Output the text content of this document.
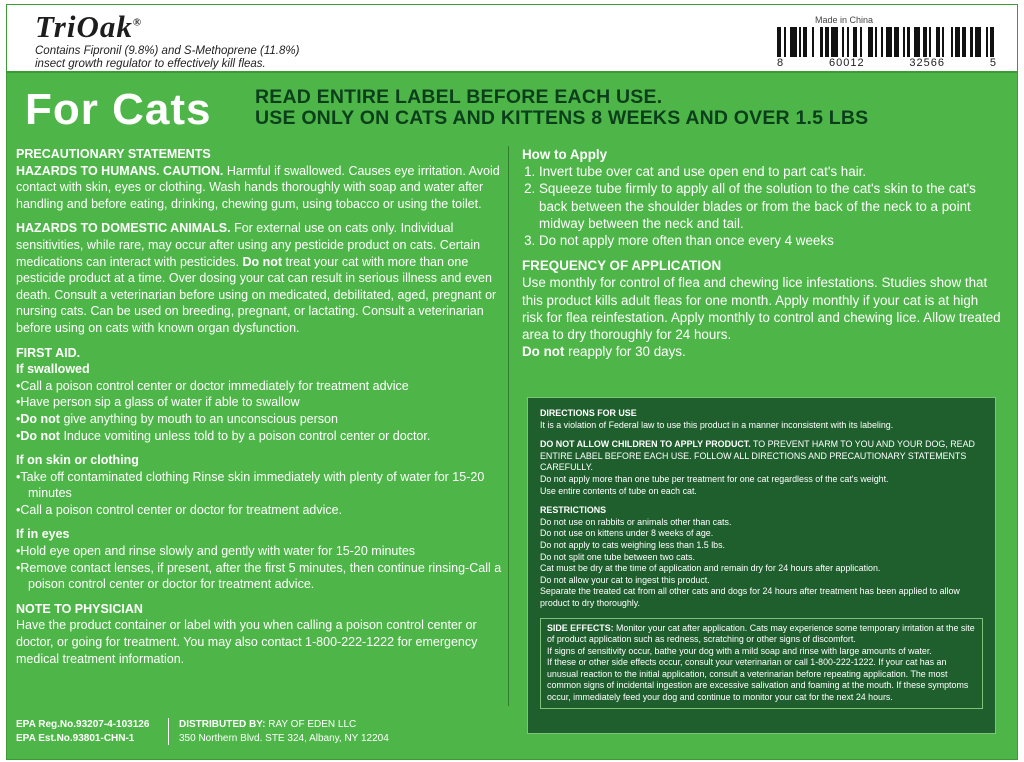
TriOak®
Contains Fipronil (9.8%) and S-Methoprene (11.8%)
insect growth regulator to effectively kill fleas.
Made in China
8	60012	32566	5
For Cats READ ENTIRE LABEL BEFORE EACH USE.
USE ONLY ON CATS AND KITTENS 8 WEEKS AND OVER 1.5 LBS

PRECAUTIONARY STATEMENTS

HAZARDS TO HUMANS. CAUTION. Harmful if swallowed. Causes eye irritation. Avoid contact with skin, eyes or clothing. Wash hands thoroughly with soap and water after handling and before eating, drinking, chewing gum, using tobacco or using the toilet.

HAZARDS TO DOMESTIC ANIMALS. For external use on cats only. Individual sensitivities, while rare, may occur after using any pesticide product on cats. Certain medications can interact with pesticides. Do not treat your cat with more than one pesticide product at a time. Over dosing your cat can result in serious illness and even death. Consult a veterinarian before using on medicated, debilitated, aged, pregnant or nursing cats. Can be used on breeding, pregnant, or lactating. Consult a veterinarian before using on cats with known organ dysfunction.

FIRST AID.

If swallowed

• Call a poison control center or doctor immediately for treatment advice
• Have person sip a glass of water if able to swallow
• Do not give anything by mouth to an unconscious person
• Do not Induce vomiting unless told to by a poison control center or doctor.

If on skin or clothing

• Take off contaminated clothing Rinse skin immediately with plenty of water for 15-20 minutes
• Call a poison control center or doctor for treatment advice.

If in eyes

• Hold eye open and rinse slowly and gently with water for 15-20 minutes
• Remove contact lenses, if present, after the first 5 minutes, then continue rinsing-Call a poison control center or doctor for treatment advice.

NOTE TO PHYSICIAN

Have the product container or label with you when calling a poison control center or doctor, or going for treatment. You may also contact 1-800-222-1222 for emergency medical treatment information.

EPA Reg.No.93207-4-103126
EPA Est.No.93801-CHN-1
DISTRIBUTED BY: RAY OF EDEN LLC
350 Northern Blvd. STE 324, Albany, NY 12204

How to Apply

1. Invert tube over cat and use open end to part cat's hair.
2. Squeeze tube firmly to apply all of the solution to the cat's skin to the cat's back between the shoulder blades or from the back of the neck to a point midway between the neck and tail.
3. Do not apply more often than once every 4 weeks

FREQUENCY OF APPLICATION

Use monthly for control of flea and chewing lice infestations. Studies show that this product kills adult fleas for one month. Apply monthly if your cat is at high risk for flea reinfestation. Apply monthly to control and chewing lice. Allow treated area to dry thoroughly for 24 hours.

Do not reapply for 30 days.

DIRECTIONS FOR USE

It is a violation of Federal law to use this product in a manner inconsistent with its labeling.

DO NOT ALLOW CHILDREN TO APPLY PRODUCT. TO PREVENT HARM TO YOU AND YOUR DOG, READ ENTIRE LABEL BEFORE EACH USE. FOLLOW ALL DIRECTIONS AND PRECAUTIONARY STATEMENTS CAREFULLY.

Do not apply more than one tube per treatment for one cat regardless of the cat's weight.

Use entire contents of tube on each cat.

RESTRICTIONS

Do not use on rabbits or animals other than cats.

Do not use on kittens under 8 weeks of age.

Do not apply to cats weighing less than 1.5 lbs.

Do not split one tube between two cats.

Cat must be dry at the time of application and remain dry for 24 hours after application.

Do not allow your cat to ingest this product.

Separate the treated cat from all other cats and dogs for 24 hours after treatment has been applied to allow product to dry thoroughly.

SIDE EFFECTS: Monitor your cat after application. Cats may experience some temporary irritation at the site of product application such as redness, scratching or other signs of discomfort.

If signs of sensitivity occur, bathe your dog with a mild soap and rinse with large amounts of water.

If these or other side effects occur, consult your veterinarian or call 1-800-222-1222. If your cat has an unusual reaction to the initial application, consult a veterinarian before repeating application. The most common signs of incidental ingestion are excessive salivation and foaming at the mouth. If these symptoms occur, immediately feed your dog and continue to monitor your cat for the next 24 hours.
